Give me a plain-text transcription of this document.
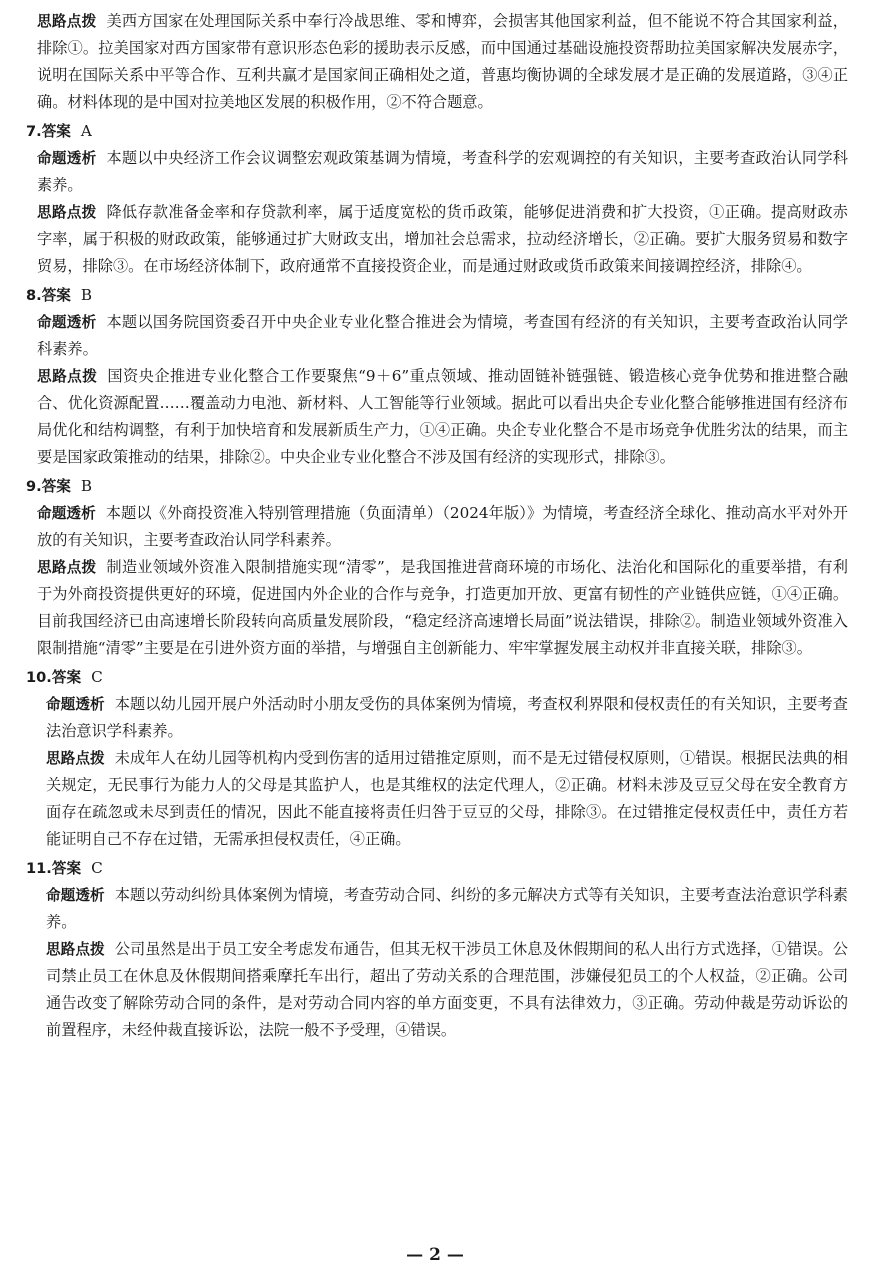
思路点拨 美西方国家在处理国际关系中奉行冷战思维、零和博弈，会损害其他国家利益，但不能说不符合其国家利益，排除①。拉美国家对西方国家带有意识形态色彩的援助表示反感，而中国通过基础设施投资帮助拉美国家解决发展赤字，说明在国际关系中平等合作、互利共赢才是国家间正确相处之道，普惠均衡协调的全球发展才是正确的发展道路，③④正确。材料体现的是中国对拉美地区发展的积极作用，②不符合题意。

7.答案 A

命题透析 本题以中央经济工作会议调整宏观政策基调为情境，考查科学的宏观调控的有关知识，主要考查政治认同学科素养。

思路点拨 降低存款准备金率和存贷款利率，属于适度宽松的货币政策，能够促进消费和扩大投资，①正确。提高财政赤字率，属于积极的财政政策，能够通过扩大财政支出，增加社会总需求，拉动经济增长，②正确。要扩大服务贸易和数字贸易，排除③。在市场经济体制下，政府通常不直接投资企业，而是通过财政或货币政策来间接调控经济，排除④。

8.答案 B

命题透析 本题以国务院国资委召开中央企业专业化整合推进会为情境，考查国有经济的有关知识，主要考查政治认同学科素养。

思路点拨 国资央企推进专业化整合工作要聚焦“9＋6”重点领域、推动固链补链强链、锻造核心竞争优势和推进整合融合、优化资源配置……覆盖动力电池、新材料、人工智能等行业领域。据此可以看出央企专业化整合能够推进国有经济布局优化和结构调整，有利于加快培育和发展新质生产力，①④正确。央企专业化整合不是市场竞争优胜劣汰的结果，而主要是国家政策推动的结果，排除②。中央企业专业化整合不涉及国有经济的实现形式，排除③。

9.答案 B

命题透析 本题以《外商投资准入特别管理措施（负面清单）（2024年版）》为情境，考查经济全球化、推动高水平对外开放的有关知识，主要考查政治认同学科素养。

思路点拨 制造业领域外资准入限制措施实现“清零”，是我国推进营商环境的市场化、法治化和国际化的重要举措，有利于为外商投资提供更好的环境，促进国内外企业的合作与竞争，打造更加开放、更富有韧性的产业链供应链，①④正确。目前我国经济已由高速增长阶段转向高质量发展阶段，“稳定经济高速增长局面”说法错误，排除②。制造业领域外资准入限制措施“清零”主要是在引进外资方面的举措，与增强自主创新能力、牢牢掌握发展主动权并非直接关联，排除③。

10.答案 C

命题透析 本题以幼儿园开展户外活动时小朋友受伤的具体案例为情境，考查权利界限和侵权责任的有关知识，主要考查法治意识学科素养。

思路点拨 未成年人在幼儿园等机构内受到伤害的适用过错推定原则，而不是无过错侵权原则，①错误。根据民法典的相关规定，无民事行为能力人的父母是其监护人，也是其维权的法定代理人，②正确。材料未涉及豆豆父母在安全教育方面存在疏忽或未尽到责任的情况，因此不能直接将责任归咎于豆豆的父母，排除③。在过错推定侵权责任中，责任方若能证明自己不存在过错，无需承担侵权责任，④正确。

11.答案 C

命题透析 本题以劳动纠纷具体案例为情境，考查劳动合同、纠纷的多元解决方式等有关知识，主要考查法治意识学科素养。

思路点拨 公司虽然是出于员工安全考虑发布通告，但其无权干涉员工休息及休假期间的私人出行方式选择，①错误。公司禁止员工在休息及休假期间搭乘摩托车出行，超出了劳动关系的合理范围，涉嫌侵犯员工的个人权益，②正确。公司通告改变了解除劳动合同的条件，是对劳动合同内容的单方面变更，不具有法律效力，③正确。劳动仲裁是劳动诉讼的前置程序，未经仲裁直接诉讼，法院一般不予受理，④错误。

— 2 —
